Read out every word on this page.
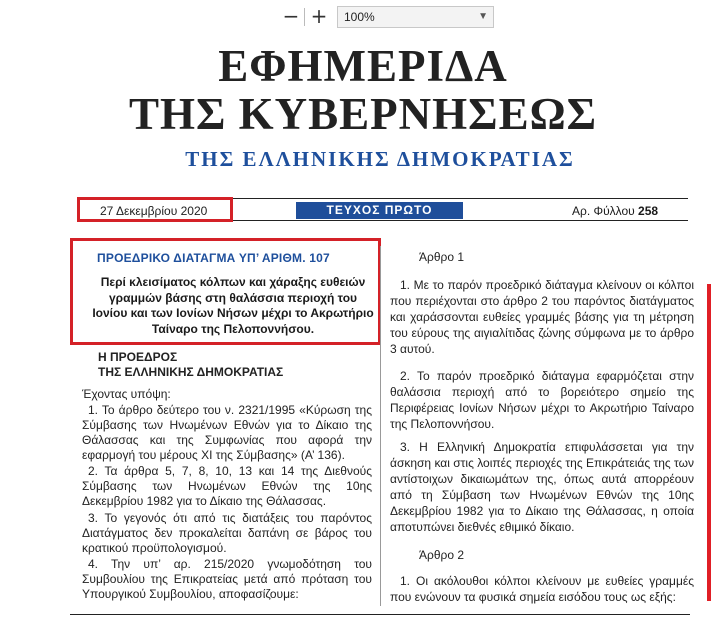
− +	100%	▼
ΕΦΗΜΕΡΙΔΑ
ΤΗΣ ΚΥΒΕΡΝΗΣΕΩΣ
ΤΗΣ ΕΛΛΗΝΙΚΗΣ ΔΗΜΟΚΡΑΤΙΑΣ
27 Δεκεμβρίου 2020	ΤΕΥΧΟΣ ΠΡΩΤΟ	Αρ. Φύλλου 258
ΠΡΟΕΔΡΙΚΟ ΔΙΑΤΑΓΜΑ ΥΠ’ ΑΡΙΘΜ. 107
Περί κλεισίματος κόλπων και χάραξης ευθειών γραμμών βάσης στη θαλάσσια περιοχή του Ιονίου και των Ιονίων Νήσων μέχρι το Ακρωτήριο Ταίναρο της Πελοποννήσου.
Η ΠΡΟΕΔΡΟΣ
ΤΗΣ ΕΛΛΗΝΙΚΗΣ ΔΗΜΟΚΡΑΤΙΑΣ
Έχοντας υπόψη:
1. Το άρθρο δεύτερο του ν. 2321/1995 «Κύρωση της Σύμβασης των Ηνωμένων Εθνών για το Δίκαιο της Θάλασσας και της Συμφωνίας που αφορά την εφαρμογή του μέρους XI της Σύμβασης» (Α’ 136).
2. Τα άρθρα 5, 7, 8, 10, 13 και 14 της Διεθνούς Σύμβασης των Ηνωμένων Εθνών της 10ης Δεκεμβρίου 1982 για το Δίκαιο της Θάλασσας.
3. Το γεγονός ότι από τις διατάξεις του παρόντος Διατάγματος δεν προκαλείται δαπάνη σε βάρος του κρατικού προϋπολογισμού.
4. Την υπ’ αρ. 215/2020 γνωμοδότηση του Συμβουλίου της Επικρατείας μετά από πρόταση του Υπουργικού Συμβουλίου, αποφασίζουμε:
Άρθρο 1
1. Με το παρόν προεδρικό διάταγμα κλείνουν οι κόλποι που περιέχονται στο άρθρο 2 του παρόντος διατάγματος και χαράσσονται ευθείες γραμμές βάσης για τη μέτρηση του εύρους της αιγιαλίτιδας ζώνης σύμφωνα με το άρθρο 3 αυτού.
2. Το παρόν προεδρικό διάταγμα εφαρμόζεται στην θαλάσσια περιοχή από το βορειότερο σημείο της Περιφέρειας Ιονίων Νήσων μέχρι το Ακρωτήριο Ταίναρο της Πελοποννήσου.
3. Η Ελληνική Δημοκρατία επιφυλάσσεται για την άσκηση και στις λοιπές περιοχές της Επικράτειάς της των αντίστοιχων δικαιωμάτων της, όπως αυτά απορρέουν από τη Σύμβαση των Ηνωμένων Εθνών της 10ης Δεκεμβρίου 1982 για το Δίκαιο της Θάλασσας, η οποία αποτυπώνει διεθνές εθιμικό δίκαιο.
Άρθρο 2
1. Οι ακόλουθοι κόλποι κλείνουν με ευθείες γραμμές που ενώνουν τα φυσικά σημεία εισόδου τους ως εξής:
